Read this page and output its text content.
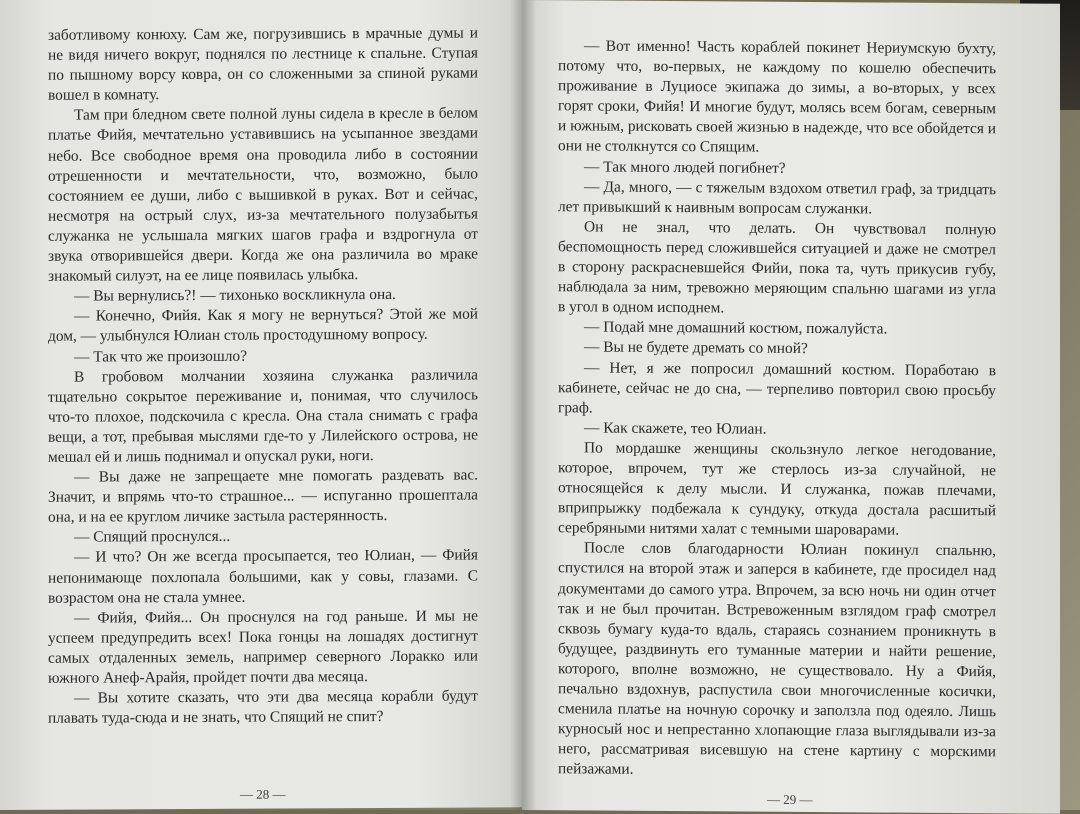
заботливому конюху. Сам же, погрузившись в мрачные думы и не видя ничего вокруг, поднялся по лестнице к спальне. Ступая по пышному ворсу ковра, он со сложенными за спиной руками вошел в комнату.

Там при бледном свете полной луны сидела в кресле в белом платье Фийя, мечтательно уставившись на усыпанное звездами небо. Все свободное время она проводила либо в состоянии отрешенности и мечтательности, что, возможно, было состоянием ее души, либо с вышивкой в руках. Вот и сейчас, несмотря на острый слух, из-за мечтательного полузабытья служанка не услышала мягких шагов графа и вздрогнула от звука отворившейся двери. Когда же она различила во мраке знакомый силуэт, на ее лице появилась улыбка.

— Вы вернулись?! — тихонько воскликнула она.

— Конечно, Фийя. Как я могу не вернуться? Этой же мой дом, — улыбнулся Юлиан столь простодушному вопросу.

— Так что же произошло?

В гробовом молчании хозяина служанка различила тщательно сокрытое переживание и, понимая, что случилось что-то плохое, подскочила с кресла. Она стала снимать с графа вещи, а тот, пребывая мыслями где-то у Лилейского острова, не мешал ей и лишь поднимал и опускал руки, ноги.

— Вы даже не запрещаете мне помогать раздевать вас. Значит, и впрямь что-то страшное... — испуганно прошептала она, и на ее круглом личике застыла растерянность.

— Спящий проснулся...

— И что? Он же всегда просыпается, тео Юлиан, — Фийя непонимающе похлопала большими, как у совы, глазами. С возрастом она не стала умнее.

— Фийя, Фийя... Он проснулся на год раньше. И мы не успеем предупредить всех! Пока гонцы на лошадях достигнут самых отдаленных земель, например северного Лоракко или южного Анеф-Арайя, пройдет почти два месяца.

— Вы хотите сказать, что эти два месяца корабли будут плавать туда-сюда и не знать, что Спящий не спит?

— 28 —

— Вот именно! Часть кораблей покинет Нериумскую бухту, потому что, во-первых, не каждому по кошелю обеспечить проживание в Луциосе экипажа до зимы, а во-вторых, у всех горят сроки, Фийя! И многие будут, молясь всем богам, северным и южным, рисковать своей жизнью в надежде, что все обойдется и они не столкнутся со Спящим.

— Так много людей погибнет?

— Да, много, — с тяжелым вздохом ответил граф, за тридцать лет привыкший к наивным вопросам служанки.

Он не знал, что делать. Он чувствовал полную беспомощность перед сложившейся ситуацией и даже не смотрел в сторону раскрасневшейся Фийи, пока та, чуть прикусив губу, наблюдала за ним, тревожно меряющим спальню шагами из угла в угол в одном исподнем.

— Подай мне домашний костюм, пожалуйста.

— Вы не будете дремать со мной?

— Нет, я же попросил домашний костюм. Поработаю в кабинете, сейчас не до сна, — терпеливо повторил свою просьбу граф.

— Как скажете, тео Юлиан.

По мордашке женщины скользнуло легкое негодование, которое, впрочем, тут же стерлось из-за случайной, не относящейся к делу мысли. И служанка, пожав плечами, вприпрыжку подбежала к сундуку, откуда достала расшитый серебряными нитями халат с темными шароварами.

После слов благодарности Юлиан покинул спальню, спустился на второй этаж и заперся в кабинете, где просидел над документами до самого утра. Впрочем, за всю ночь ни один отчет так и не был прочитан. Встревоженным взглядом граф смотрел сквозь бумагу куда-то вдаль, стараясь сознанием проникнуть в будущее, раздвинуть его туманные материи и найти решение, которого, вполне возможно, не существовало. Ну а Фийя, печально вздохнув, распустила свои многочисленные косички, сменила платье на ночную сорочку и заползла под одеяло. Лишь курносый нос и непрестанно хлопающие глаза выглядывали из-за него, рассматривая висевшую на стене картину с морскими пейзажами.

— 29 —
